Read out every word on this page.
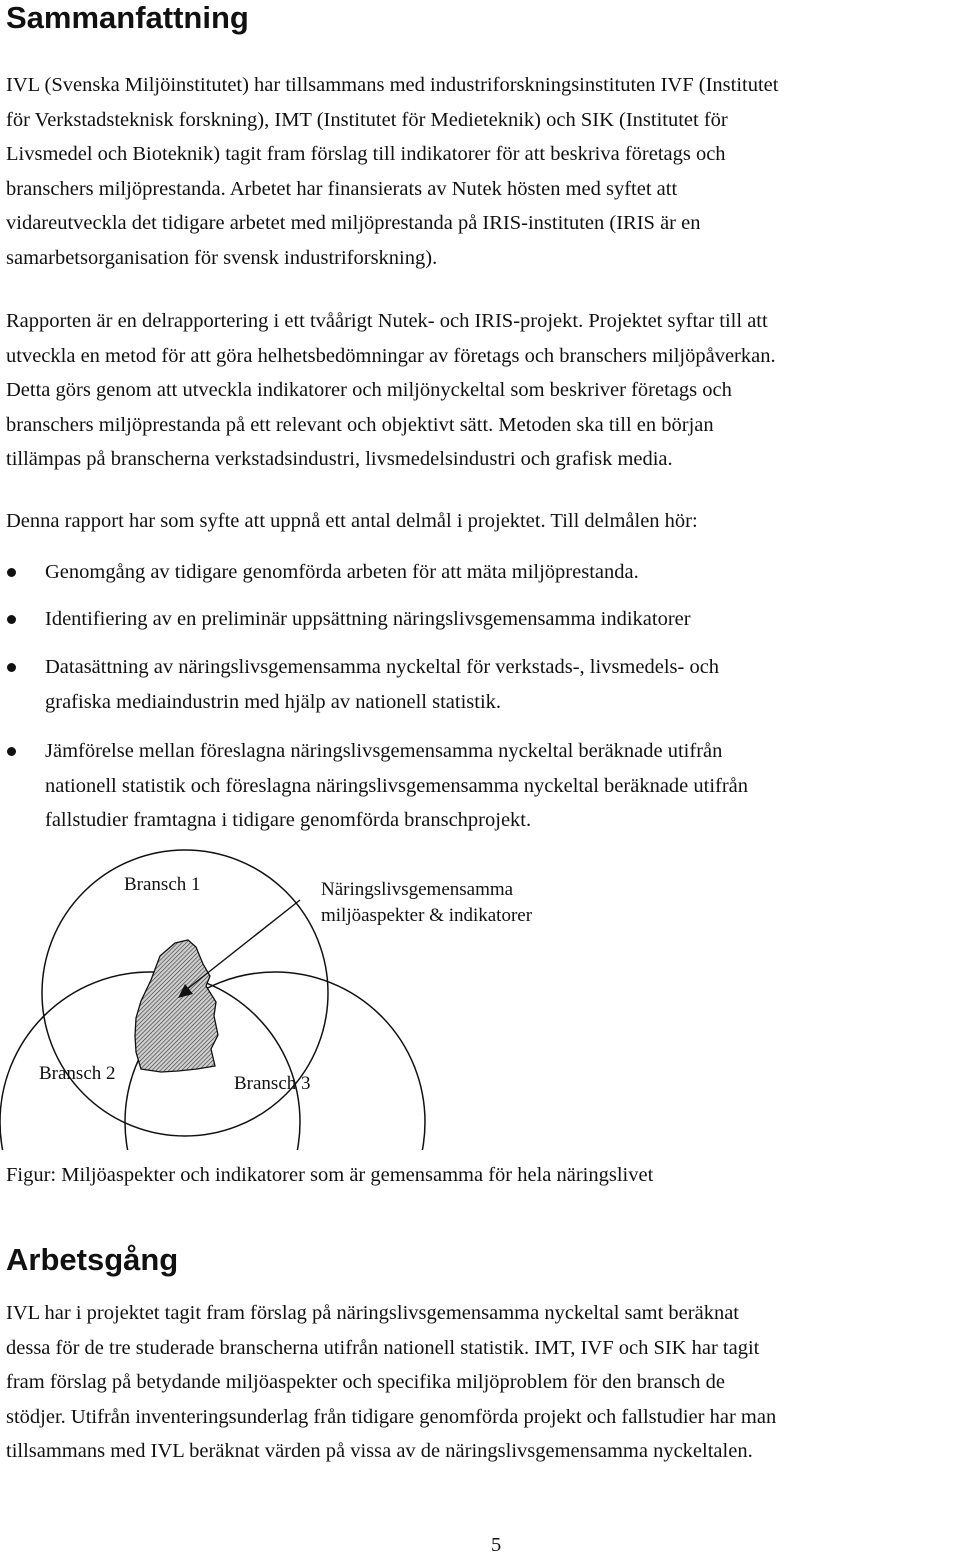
Sammanfattning

IVL (Svenska Miljöinstitutet) har tillsammans med industriforskningsinstituten IVF (Institutet
för Verkstadsteknisk forskning), IMT (Institutet för Medieteknik) och SIK (Institutet för
Livsmedel och Bioteknik) tagit fram förslag till indikatorer för att beskriva företags och
branschers miljöprestanda. Arbetet har finansierats av Nutek hösten med syftet att
vidareutveckla det tidigare arbetet med miljöprestanda på IRIS-instituten (IRIS är en
samarbetsorganisation för svensk industriforskning).

Rapporten är en delrapportering i ett tvåårigt Nutek- och IRIS-projekt. Projektet syftar till att
utveckla en metod för att göra helhetsbedömningar av företags och branschers miljöpåverkan.
Detta görs genom att utveckla indikatorer och miljönyckeltal som beskriver företags och
branschers miljöprestanda på ett relevant och objektivt sätt. Metoden ska till en början
tillämpas på branscherna verkstadsindustri, livsmedelsindustri och grafisk media.

Denna rapport har som syfte att uppnå ett antal delmål i projektet. Till delmålen hör:

Genomgång av tidigare genomförda arbeten för att mäta miljöprestanda.
Identifiering av en preliminär uppsättning näringslivsgemensamma indikatorer
Datasättning av näringslivsgemensamma nyckeltal för verkstads-, livsmedels- och
grafiska mediaindustrin med hjälp av nationell statistik.
Jämförelse mellan föreslagna näringslivsgemensamma nyckeltal beräknade utifrån
nationell statistik och föreslagna näringslivsgemensamma nyckeltal beräknade utifrån
fallstudier framtagna i tidigare genomförda branschprojekt.
Bransch 1	Näringslivsgemensamma
miljöaspekter & indikatorer
Bransch 2	Bransch 3

Figur: Miljöaspekter och indikatorer som är gemensamma för hela näringslivet

Arbetsgång

IVL har i projektet tagit fram förslag på näringslivsgemensamma nyckeltal samt beräknat
dessa för de tre studerade branscherna utifrån nationell statistik. IMT, IVF och SIK har tagit
fram förslag på betydande miljöaspekter och specifika miljöproblem för den bransch de
stödjer. Utifrån inventeringsunderlag från tidigare genomförda projekt och fallstudier har man
tillsammans med IVL beräknat värden på vissa av de näringslivsgemensamma nyckeltalen.

5
